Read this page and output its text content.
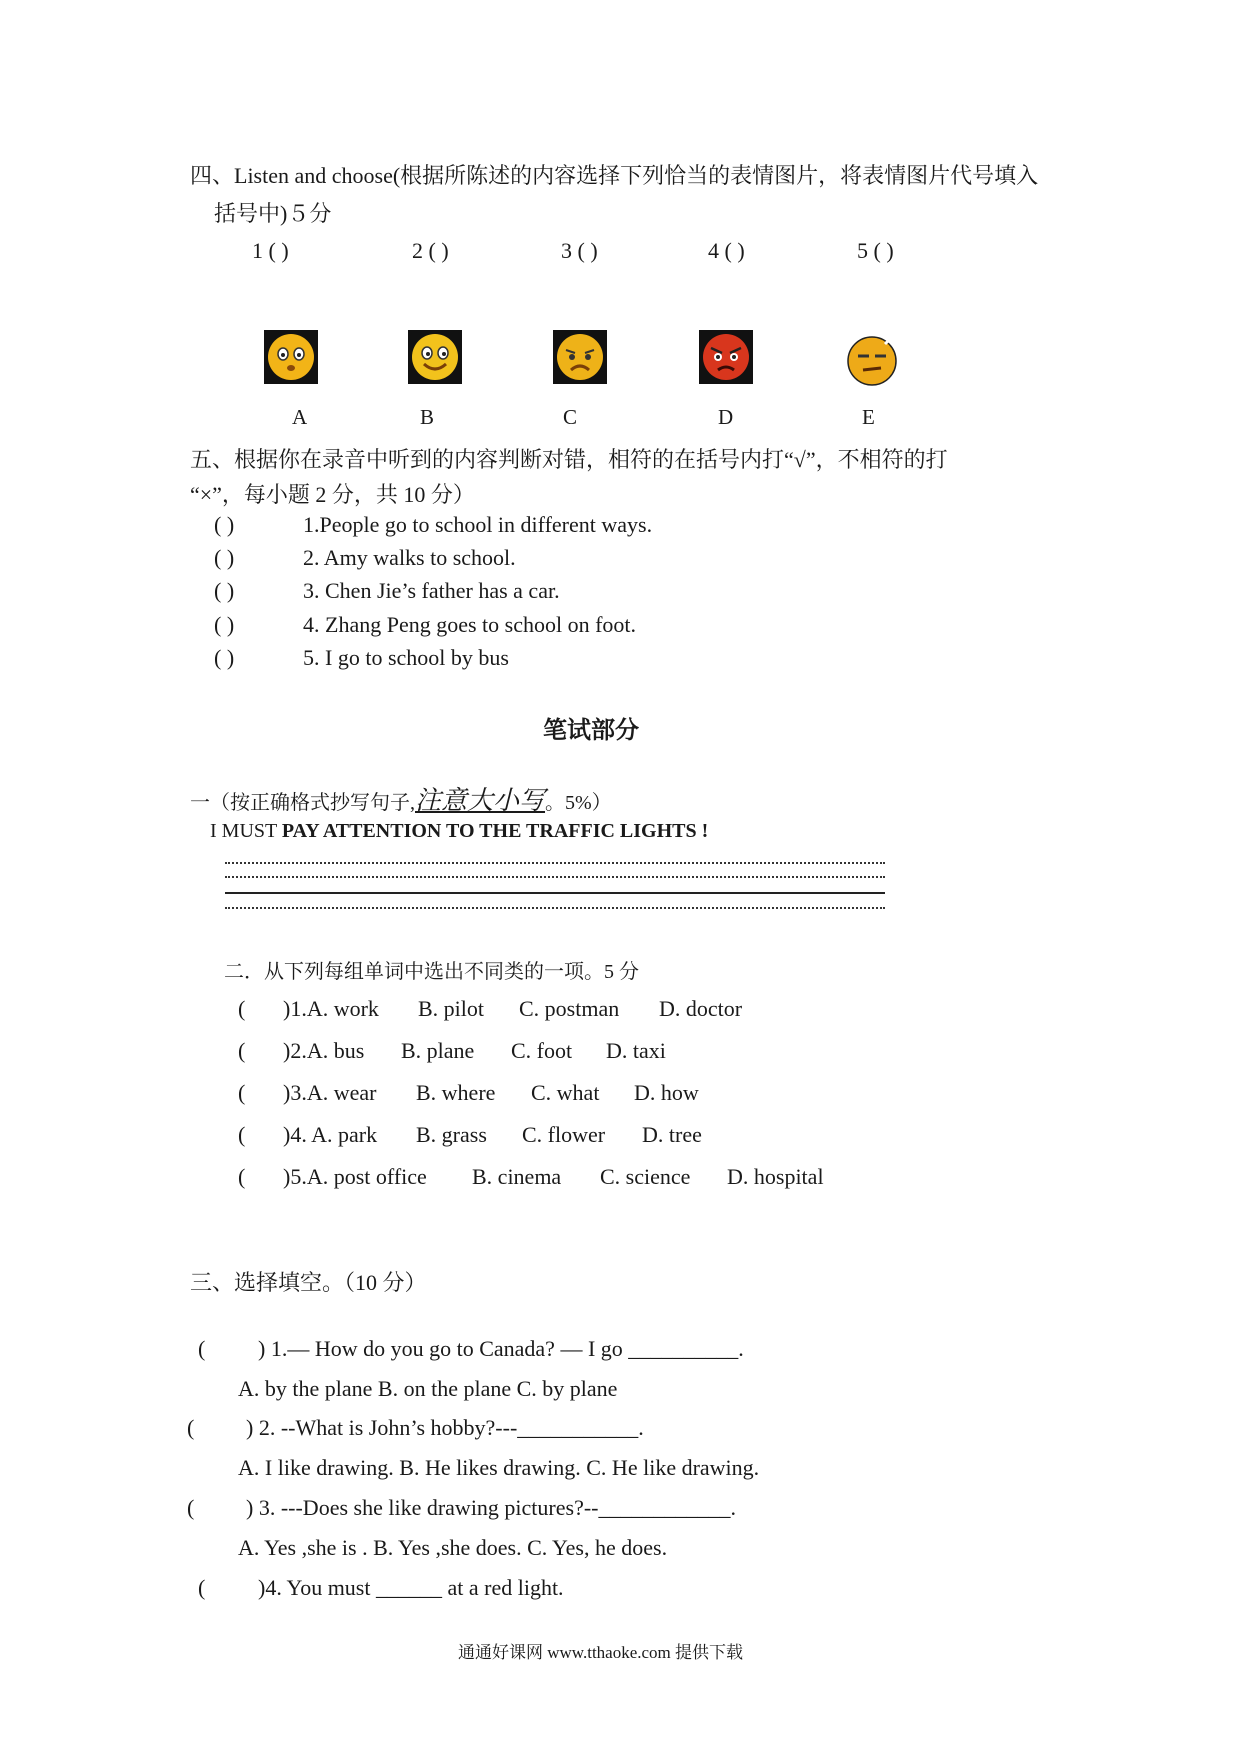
四、Listen and choose(根据所陈述的内容选择下列恰当的表情图片，将表情图片代号填入
括号中)５分
1 ( )	2 ( )	3 ( )	4 ( )	5 ( )
A	B	C	D	E
五、根据你在录音中听到的内容判断对错，相符的在括号内打“√”，不相符的打
“×”，每小题 2 分，共 10 分）
( )	1.People go to school in different ways.
( )	2. Amy walks to school.
( )	3. Chen Jie’s father has a car.
( )	4. Zhang Peng goes to school on foot.
( )	5. I go to school by bus
笔试部分
一（按正确格式抄写句子,注意大小写。5%）
I MUST PAY ATTENTION TO THE TRAFFIC LIGHTS !
二．从下列每组单词中选出不同类的一项。5 分
( )1.A. work B. pilot C. postman D. doctor
( )2.A. bus B. plane C. foot D. taxi
( )3.A. wear B. where C. what D. how
( )4. A. park B. grass C. flower D. tree
( )5.A. post office B. cinema C. science D. hospital
三、选择填空。（10 分）
( ) 1.— How do you go to Canada? — I go __________.
A. by the plane B. on the plane C. by plane
( ) 2. --What is John’s hobby?---___________.
A. I like drawing. B. He likes drawing. C. He like drawing.
( ) 3. ---Does she like drawing pictures?--____________.
A. Yes ,she is . B. Yes ,she does. C. Yes, he does.
( )4. You must ______ at a red light.
通通好课网 www.tthaoke.com 提供下载
